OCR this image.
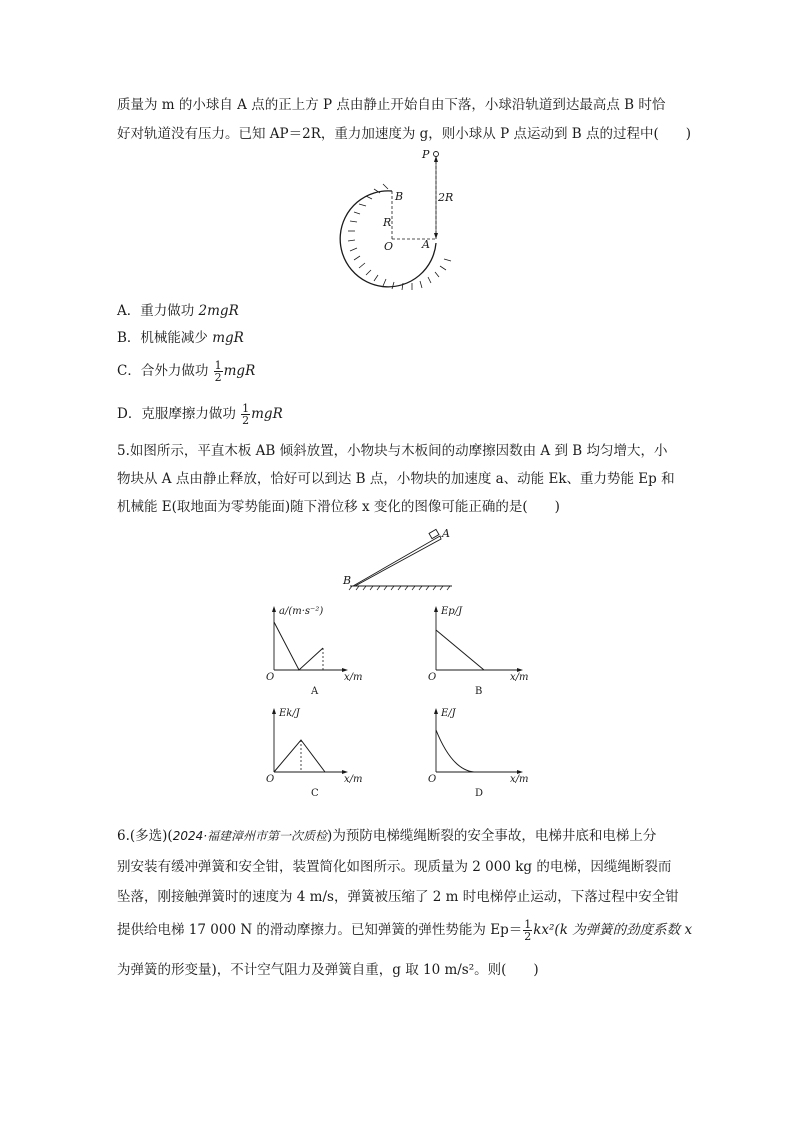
质量为 m 的小球自 A 点的正上方 P 点由静止开始自由下落，小球沿轨道到达最高点 B 时恰
好对轨道没有压力。已知 AP＝2R，重力加速度为 g，则小球从 P 点运动到 B 点的过程中(　　)
P
B
R
O	A
2R
A．重力做功 2mgR
B．机械能减少 mgR
C．合外力做功 $\frac{1}{2}$ mgR
D．克服摩擦力做功 $\frac{1}{2}$ mgR
5.如图所示，平直木板 AB 倾斜放置，小物块与木板间的动摩擦因数由 A 到 B 均匀增大，小
物块从 A 点由静止释放，恰好可以到达 B 点，小物块的加速度 a、动能 Ek、重力势能 Ep 和
机械能 E(取地面为零势能面)随下滑位移 x 变化的图像可能正确的是(　　)
A
B
a/(m·s⁻²)
O	x/m
A
Ep/J
O	x/m
B
Ek/J
O	x/m
C
E/J
O	x/m
D
6.(多选)(2024·福建漳州市第一次质检)为预防电梯缆绳断裂的安全事故，电梯井底和电梯上分
别安装有缓冲弹簧和安全钳，装置简化如图所示。现质量为 2 000 kg 的电梯，因缆绳断裂而
坠落，刚接触弹簧时的速度为 4 m/s，弹簧被压缩了 2 m 时电梯停止运动，下落过程中安全钳
提供给电梯 17 000 N 的滑动摩擦力。已知弹簧的弹性势能为 $Ep= \frac{1}{2} kx^2(k$ 为弹簧的劲度系数 x
为弹簧的形变量)，不计空气阻力及弹簧自重，g 取 10 m/s²。则(　　)
